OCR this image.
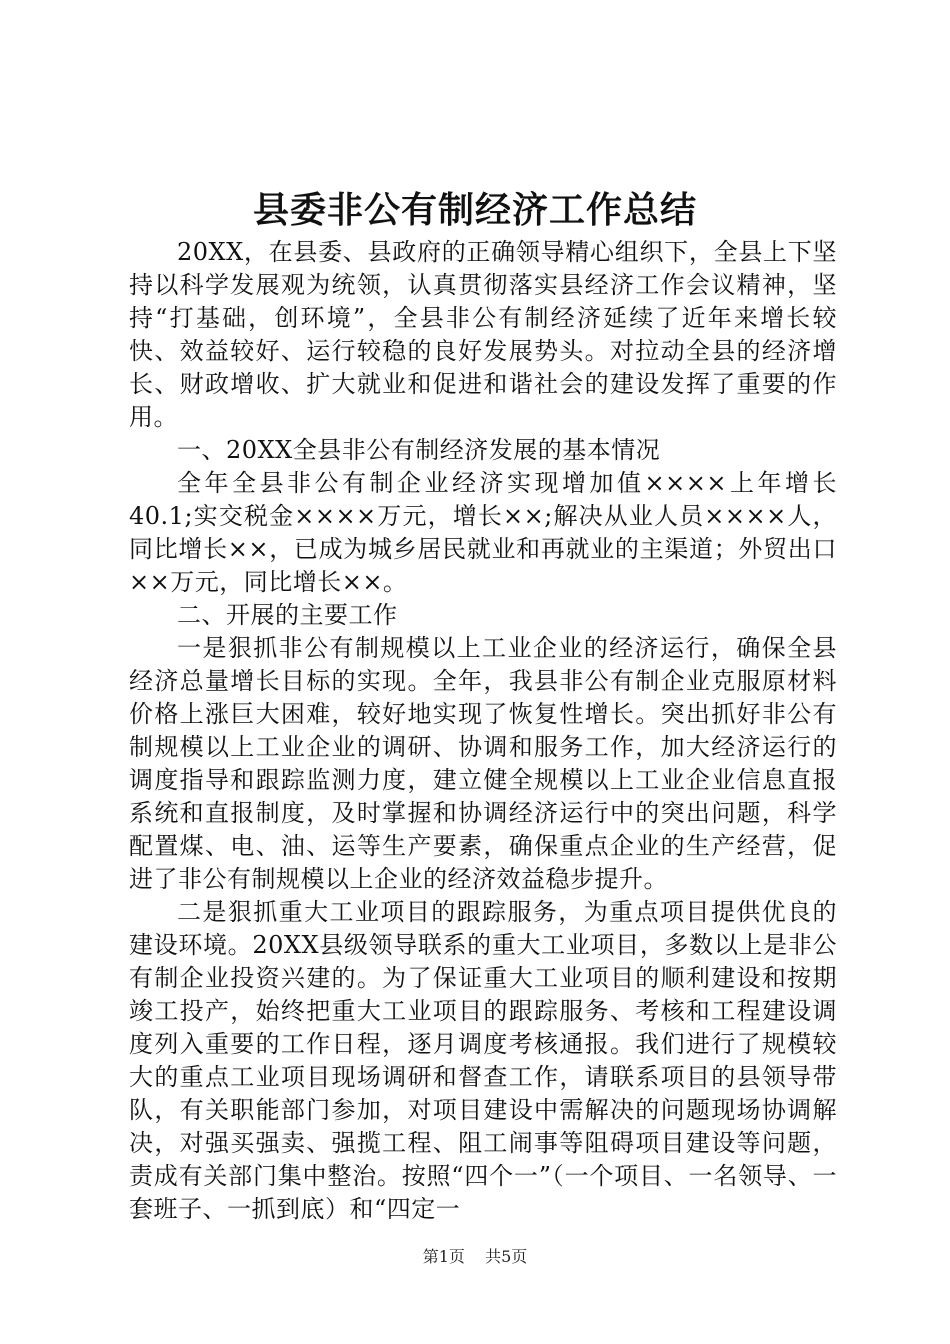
县委非公有制经济工作总结

20XX，在县委、县政府的正确领导精心组织下，全县上下坚持以科学发展观为统领，认真贯彻落实县经济工作会议精神，坚持“打基础，创环境”，全县非公有制经济延续了近年来增长较快、效益较好、运行较稳的良好发展势头。对拉动全县的经济增长、财政增收、扩大就业和促进和谐社会的建设发挥了重要的作用。

一、20XX全县非公有制经济发展的基本情况

全年全县非公有制企业经济实现增加值××××上年增长40.1;实交税金××××万元，增长××;解决从业人员××××人，同比增长××，已成为城乡居民就业和再就业的主渠道；外贸出口××万元，同比增长××。

二、开展的主要工作

一是狠抓非公有制规模以上工业企业的经济运行，确保全县经济总量增长目标的实现。全年，我县非公有制企业克服原材料价格上涨巨大困难，较好地实现了恢复性增长。突出抓好非公有制规模以上工业企业的调研、协调和服务工作，加大经济运行的调度指导和跟踪监测力度，建立健全规模以上工业企业信息直报系统和直报制度，及时掌握和协调经济运行中的突出问题，科学配置煤、电、油、运等生产要素，确保重点企业的生产经营，促进了非公有制规模以上企业的经济效益稳步提升。

二是狠抓重大工业项目的跟踪服务，为重点项目提供优良的建设环境。20XX县级领导联系的重大工业项目，多数以上是非公有制企业投资兴建的。为了保证重大工业项目的顺利建设和按期竣工投产，始终把重大工业项目的跟踪服务、考核和工程建设调度列入重要的工作日程，逐月调度考核通报。我们进行了规模较大的重点工业项目现场调研和督查工作，请联系项目的县领导带队，有关职能部门参加，对项目建设中需解决的问题现场协调解决，对强买强卖、强揽工程、阻工闹事等阻碍项目建设等问题，责成有关部门集中整治。按照“四个一”（一个项目、一名领导、一套班子、一抓到底）和“四定一

第1页 共5页
